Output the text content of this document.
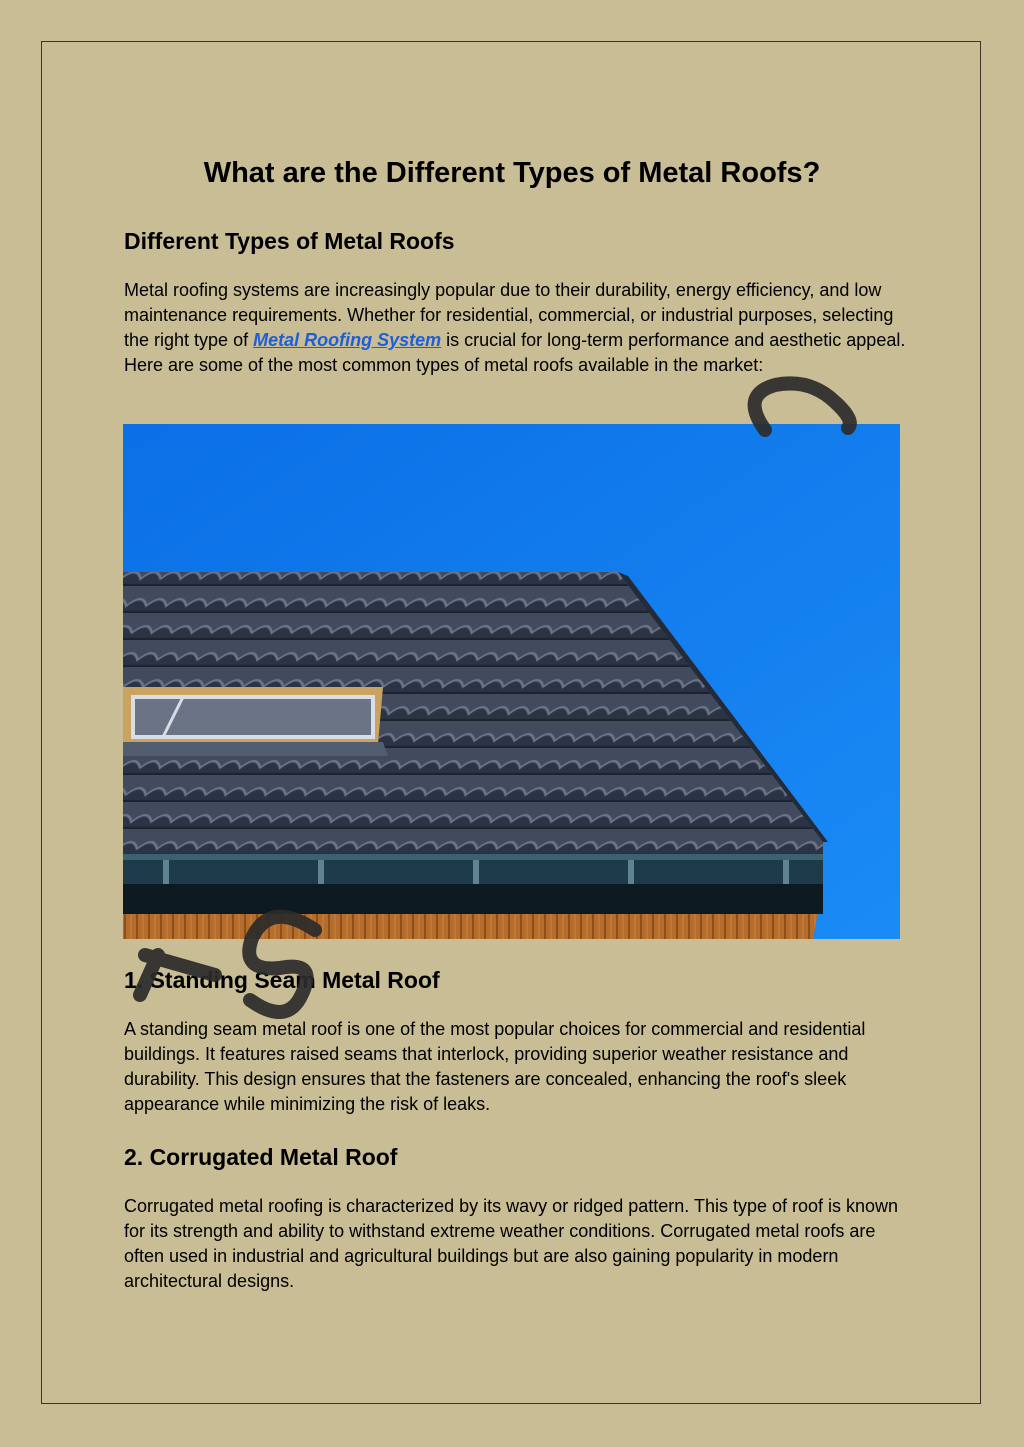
What are the Different Types of Metal Roofs?
Different Types of Metal Roofs

Metal roofing systems are increasingly popular due to their durability, energy efficiency, and low maintenance requirements. Whether for residential, commercial, or industrial purposes, selecting the right type of Metal Roofing System is crucial for long-term performance and aesthetic appeal. Here are some of the most common types of metal roofs available in the market:

1. Standing Seam Metal Roof

A standing seam metal roof is one of the most popular choices for commercial and residential buildings. It features raised seams that interlock, providing superior weather resistance and durability. This design ensures that the fasteners are concealed, enhancing the roof's sleek appearance while minimizing the risk of leaks.

2. Corrugated Metal Roof

Corrugated metal roofing is characterized by its wavy or ridged pattern. This type of roof is known for its strength and ability to withstand extreme weather conditions. Corrugated metal roofs are often used in industrial and agricultural buildings but are also gaining popularity in modern architectural designs.
